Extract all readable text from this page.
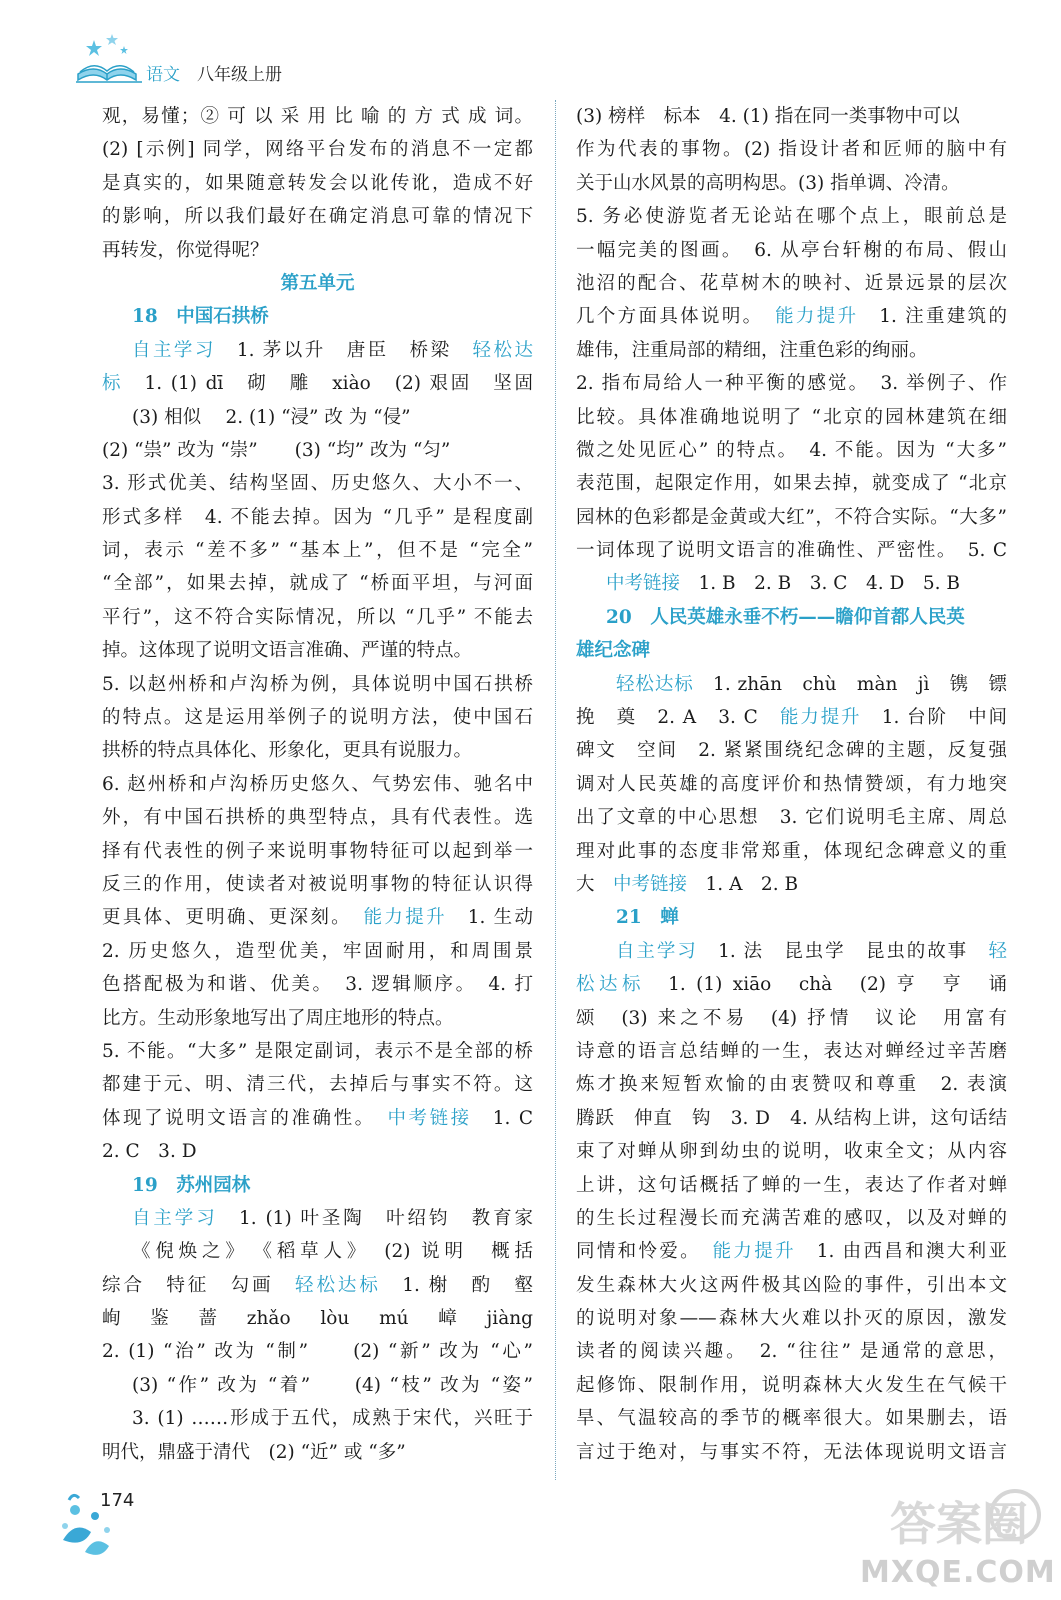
语文 八年级上册
观，易懂；② 可 以 采 用 比 喻 的 方 式 成 词。
(2) [示例] 同学，网络平台发布的消息不一定都
是真实的，如果随意转发会以讹传讹，造成不好
的影响，所以我们最好在确定消息可靠的情况下
再转发，你觉得呢？
第五单元
18　中国石拱桥
自主学习　1. 茅以升　唐臣　桥梁　轻松达
标　1. (1) dī　砌　雕　xiào　(2) 艰固　坚固
(3) 相似　 2. (1) “浸” 改 为 “侵”
(2) “祟” 改为 “崇”　　(3) “均” 改为 “匀”
3. 形式优美、结构坚固、历史悠久、大小不一、
形式多样　4. 不能去掉。因为 “几乎” 是程度副
词，表示 “差不多” “基本上”，但不是 “完全”
“全部”，如果去掉，就成了 “桥面平坦，与河面
平行”，这不符合实际情况，所以 “几乎” 不能去
掉。这体现了说明文语言准确、严谨的特点。
5. 以赵州桥和卢沟桥为例，具体说明中国石拱桥
的特点。这是运用举例子的说明方法，使中国石
拱桥的特点具体化、形象化，更具有说服力。
6. 赵州桥和卢沟桥历史悠久、气势宏伟、驰名中
外，有中国石拱桥的典型特点，具有代表性。选
择有代表性的例子来说明事物特征可以起到举一
反三的作用，使读者对被说明事物的特征认识得
更具体、更明确、更深刻。　能力提升　1. 生动
2. 历史悠久，造型优美，牢固耐用，和周围景
色搭配极为和谐、优美。　3. 逻辑顺序。　4. 打
比方。生动形象地写出了周庄地形的特点。
5. 不能。“大多” 是限定副词，表示不是全部的桥
都建于元、明、清三代，去掉后与事实不符。这
体现了说明文语言的准确性。　中考链接　1. C
2. C　3. D
19　苏州园林
自主学习　1. (1) 叶圣陶　叶绍钧　教育家
《倪焕之》　《稻草人》　(2) 说明　概括
综合　特征　勾画　轻松达标　1. 榭　酌　壑
峋　鉴　蔷　zhǎo　lòu　mú　嶂　jiàng
2. (1) “治” 改为 “制”　　(2) “新” 改为 “心”
(3) “作” 改为 “着”　　(4) “枝” 改为 “姿”
3. (1) ……形成于五代，成熟于宋代，兴旺于
明代，鼎盛于清代　(2) “近” 或 “多”
(3) 榜样　标本　4. (1) 指在同一类事物中可以
作为代表的事物。(2) 指设计者和匠师的脑中有
关于山水风景的高明构思。(3) 指单调、冷清。
5. 务必使游览者无论站在哪个点上，眼前总是
一幅完美的图画。　6. 从亭台轩榭的布局、假山
池沼的配合、花草树木的映衬、近景远景的层次
几个方面具体说明。　能力提升　1. 注重建筑的
雄伟，注重局部的精细，注重色彩的绚丽。
2. 指布局给人一种平衡的感觉。　3. 举例子、作
比较。具体准确地说明了 “北京的园林建筑在细
微之处见匠心” 的特点。　4. 不能。因为 “大多”
表范围，起限定作用，如果去掉，就变成了 “北京
园林的色彩都是金黄或大红”，不符合实际。“大多”
一词体现了说明文语言的准确性、严密性。　5. C
中考链接　1. B　2. B　3. C　4. D　5. B
20　人民英雄永垂不朽——瞻仰首都人民英
雄纪念碑
轻松达标　1. zhān　chù　màn　jì　镌　镖
挽　奠　2. A　3. C　能力提升　1. 台阶　中间
碑文　空间　2. 紧紧围绕纪念碑的主题，反复强
调对人民英雄的高度评价和热情赞颂，有力地突
出了文章的中心思想　3. 它们说明毛主席、周总
理对此事的态度非常郑重，体现纪念碑意义的重
大　中考链接　1. A　2. B
21　蝉
自主学习　1. 法　昆虫学　昆虫的故事　轻
松达标　1. (1) xiāo　chà　(2) 亨　亨　诵
颂　(3) 来之不易　(4) 抒情　议论　用富有
诗意的语言总结蝉的一生，表达对蝉经过辛苦磨
炼才换来短暂欢愉的由衷赞叹和尊重　2. 表演
腾跃　伸直　钩　3. D　4. 从结构上讲，这句话结
束了对蝉从卵到幼虫的说明，收束全文；从内容
上讲，这句话概括了蝉的一生，表达了作者对蝉
的生长过程漫长而充满苦难的感叹，以及对蝉的
同情和怜爱。　能力提升　1. 由西昌和澳大利亚
发生森林大火这两件极其凶险的事件，引出本文
的说明对象——森林大火难以扑灭的原因，激发
读者的阅读兴趣。　2. “往往” 是通常的意思，
起修饰、限制作用，说明森林大火发生在气候干
旱、气温较高的季节的概率很大。如果删去，语
言过于绝对，与事实不符，无法体现说明文语言
174	答案圈
MXQE.COM
